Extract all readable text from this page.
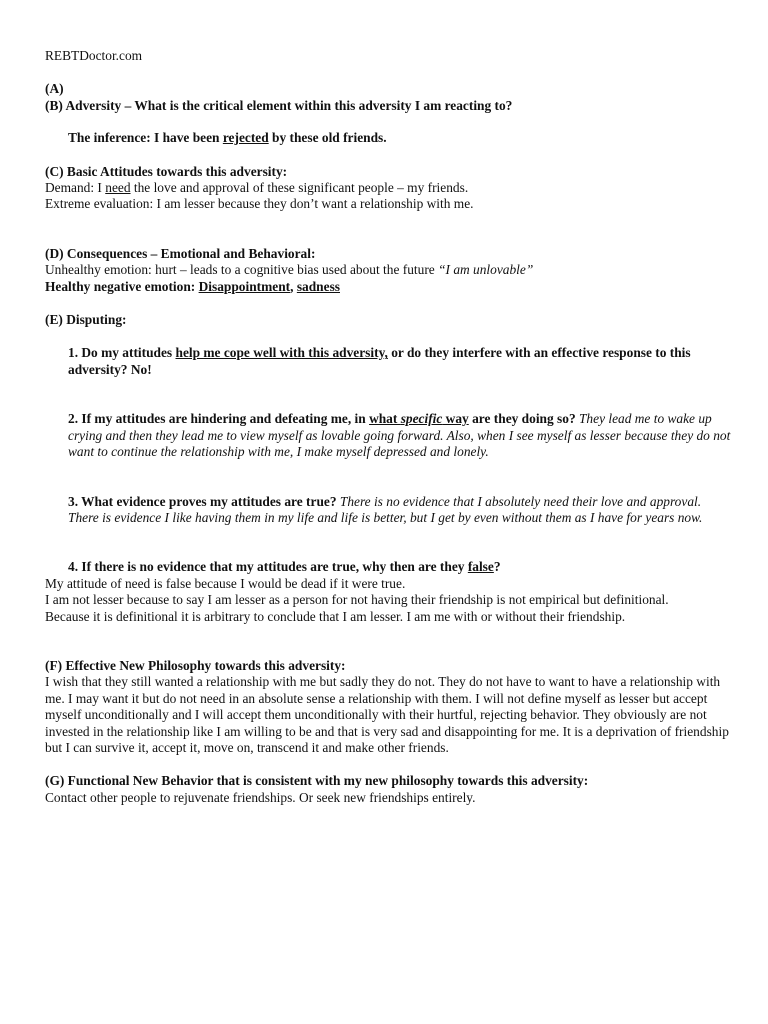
REBTDoctor.com

(A)

(B) Adversity – What is the critical element within this adversity I am reacting to?

The inference: I have been rejected by these old friends.

(C) Basic Attitudes towards this adversity:

Demand: I need the love and approval of these significant people – my friends.

Extreme evaluation: I am lesser because they don’t want a relationship with me.

(D) Consequences – Emotional and Behavioral:

Unhealthy emotion: hurt – leads to a cognitive bias used about the future “I am unlovable”

Healthy negative emotion: Disappointment, sadness

(E) Disputing:

1. Do my attitudes help me cope well with this adversity, or do they interfere with an effective response to this adversity? No!

2. If my attitudes are hindering and defeating me, in what specific way are they doing so? They lead me to wake up crying and then they lead me to view myself as lovable going forward. Also, when I see myself as lesser because they do not want to continue the relationship with me, I make myself depressed and lonely.

3. What evidence proves my attitudes are true? There is no evidence that I absolutely need their love and approval. There is evidence I like having them in my life and life is better, but I get by even without them as I have for years now.

4. If there is no evidence that my attitudes are true, why then are they false?

My attitude of need is false because I would be dead if it were true.

I am not lesser because to say I am lesser as a person for not having their friendship is not empirical but definitional.

Because it is definitional it is arbitrary to conclude that I am lesser. I am me with or without their friendship.

(F) Effective New Philosophy towards this adversity:

I wish that they still wanted a relationship with me but sadly they do not. They do not have to want to have a relationship with me. I may want it but do not need in an absolute sense a relationship with them. I will not define myself as lesser but accept myself unconditionally and I will accept them unconditionally with their hurtful, rejecting behavior. They obviously are not invested in the relationship like I am willing to be and that is very sad and disappointing for me. It is a deprivation of friendship but I can survive it, accept it, move on, transcend it and make other friends.

(G) Functional New Behavior that is consistent with my new philosophy towards this adversity:

Contact other people to rejuvenate friendships. Or seek new friendships entirely.
